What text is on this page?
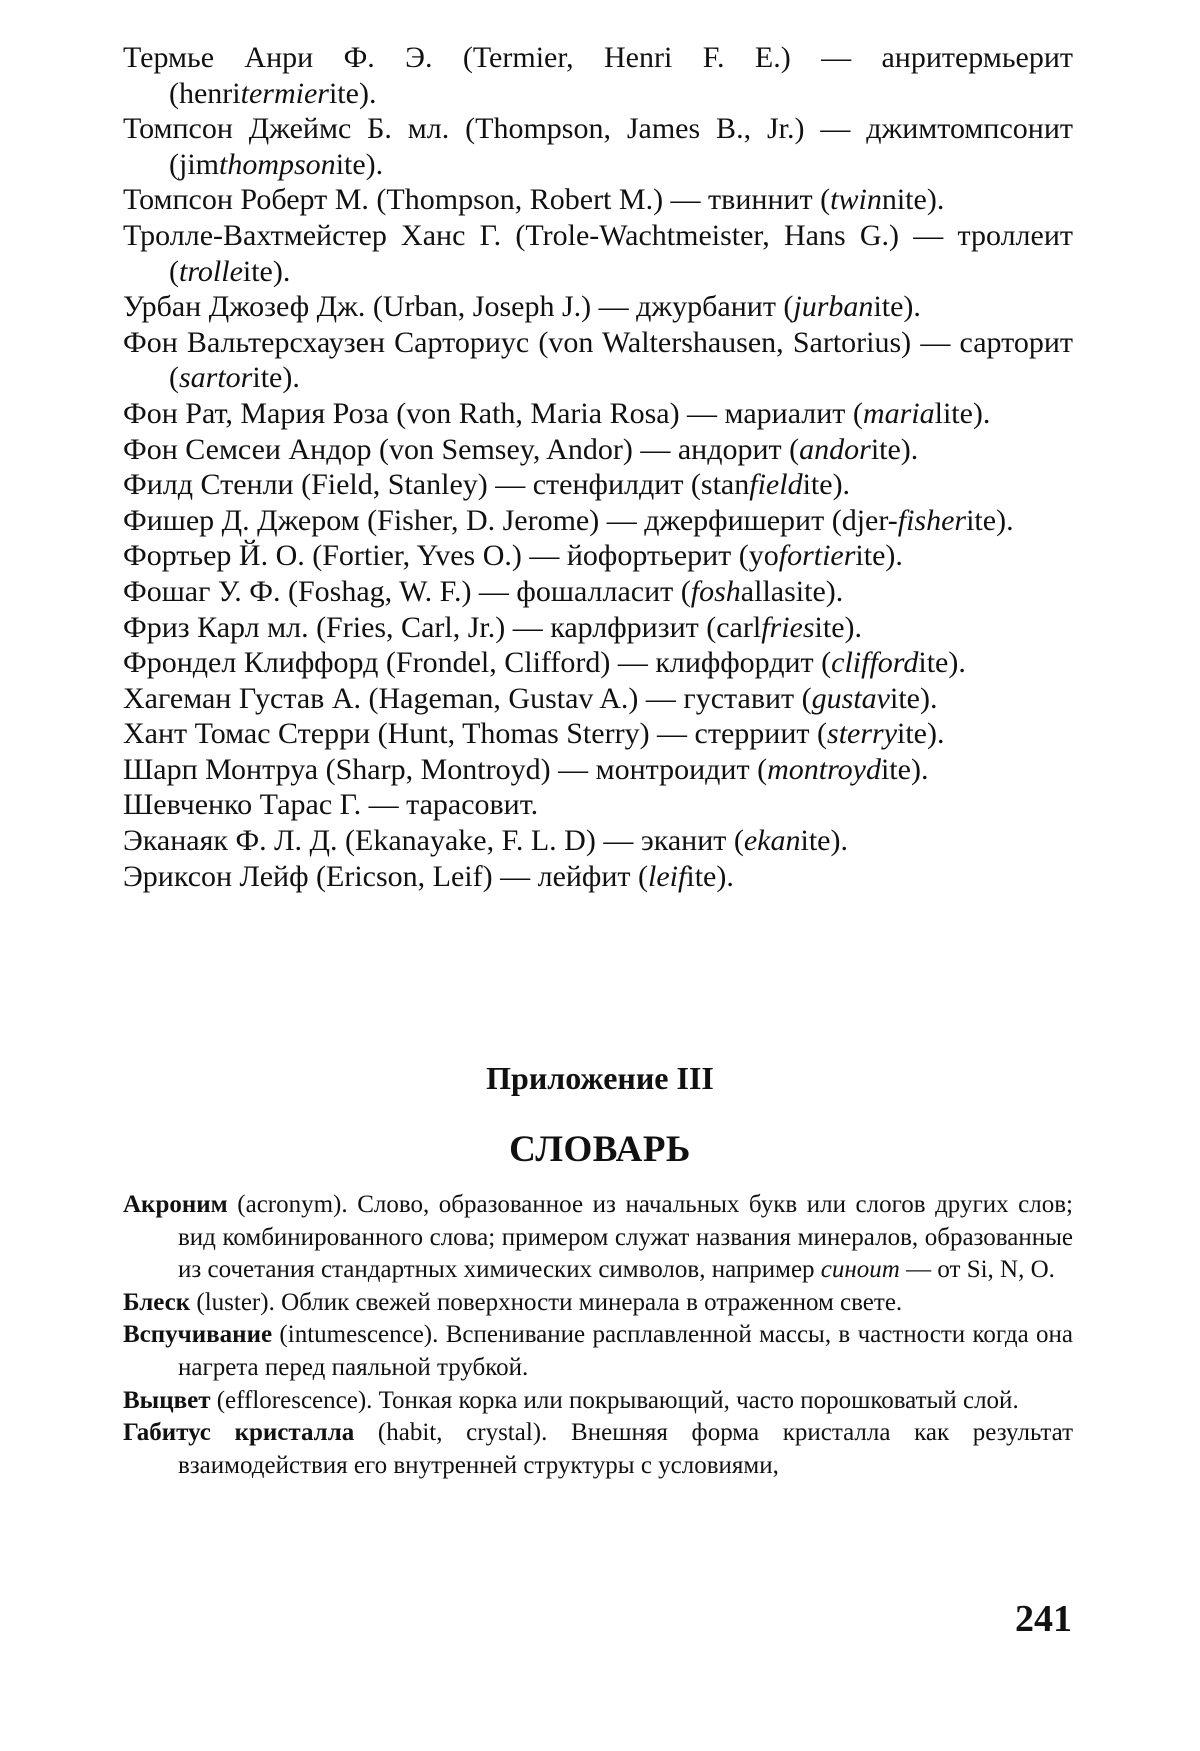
Термье Анри Ф. Э. (Termier, Henri F. E.) — анритермьерит (henritermierite).

Томпсон Джеймс Б. мл. (Thompson, James B., Jr.) — джимтомпсонит (jimthompsonite).

Томпсон Роберт М. (Thompson, Robert M.) — твиннит (twinnite).

Тролле-Вахтмейстер Ханс Г. (Trole-Wachtmeister, Hans G.) — троллеит (trolleite).

Урбан Джозеф Дж. (Urban, Joseph J.) — джурбанит (jurbanite).

Фон Вальтерсхаузен Сарториус (von Waltershausen, Sartorius) — сарторит (sartorite).

Фон Рат, Мария Роза (von Rath, Maria Rosa) — мариалит (marialite).

Фон Семсеи Андор (von Semsey, Andor) — андорит (andorite).

Филд Стенли (Field, Stanley) — стенфилдит (stanfieldite).

Фишер Д. Джером (Fisher, D. Jerome) — джерфишерит (djer-fisherite).

Фортьер Й. О. (Fortier, Yves O.) — йофортьерит (yofortierite).

Фошаг У. Ф. (Foshag, W. F.) — фошалласит (foshallasite).

Фриз Карл мл. (Fries, Carl, Jr.) — карлфризит (carlfriesite).

Фрондел Клиффорд (Frondel, Clifford) — клиффордит (cliffordite).

Хагеман Густав А. (Hageman, Gustav A.) — густавит (gustavite).

Хант Томас Стерри (Hunt, Thomas Sterry) — стерриит (sterryite).

Шарп Монтруа (Sharp, Montroyd) — монтроидит (montroydite).

Шевченко Тарас Г. — тарасовит.

Эканаяк Ф. Л. Д. (Ekanayake, F. L. D) — эканит (ekanite).

Эриксон Лейф (Ericson, Leif) — лейфит (leifite).

Приложение III

СЛОВАРЬ

Акроним (acronym). Слово, образованное из начальных букв или слогов других слов; вид комбинированного слова; примером служат названия минералов, образованные из сочетания стандартных химических символов, например синоит — от Si, N, O.

Блеск (luster). Облик свежей поверхности минерала в отраженном свете.

Вспучивание (intumescence). Вспенивание расплавленной массы, в частности когда она нагрета перед паяльной трубкой.

Выцвет (efflorescence). Тонкая корка или покрывающий, часто порошковатый слой.

Габитус кристалла (habit, crystal). Внешняя форма кристалла как результат взаимодействия его внутренней структуры с условиями,

241
